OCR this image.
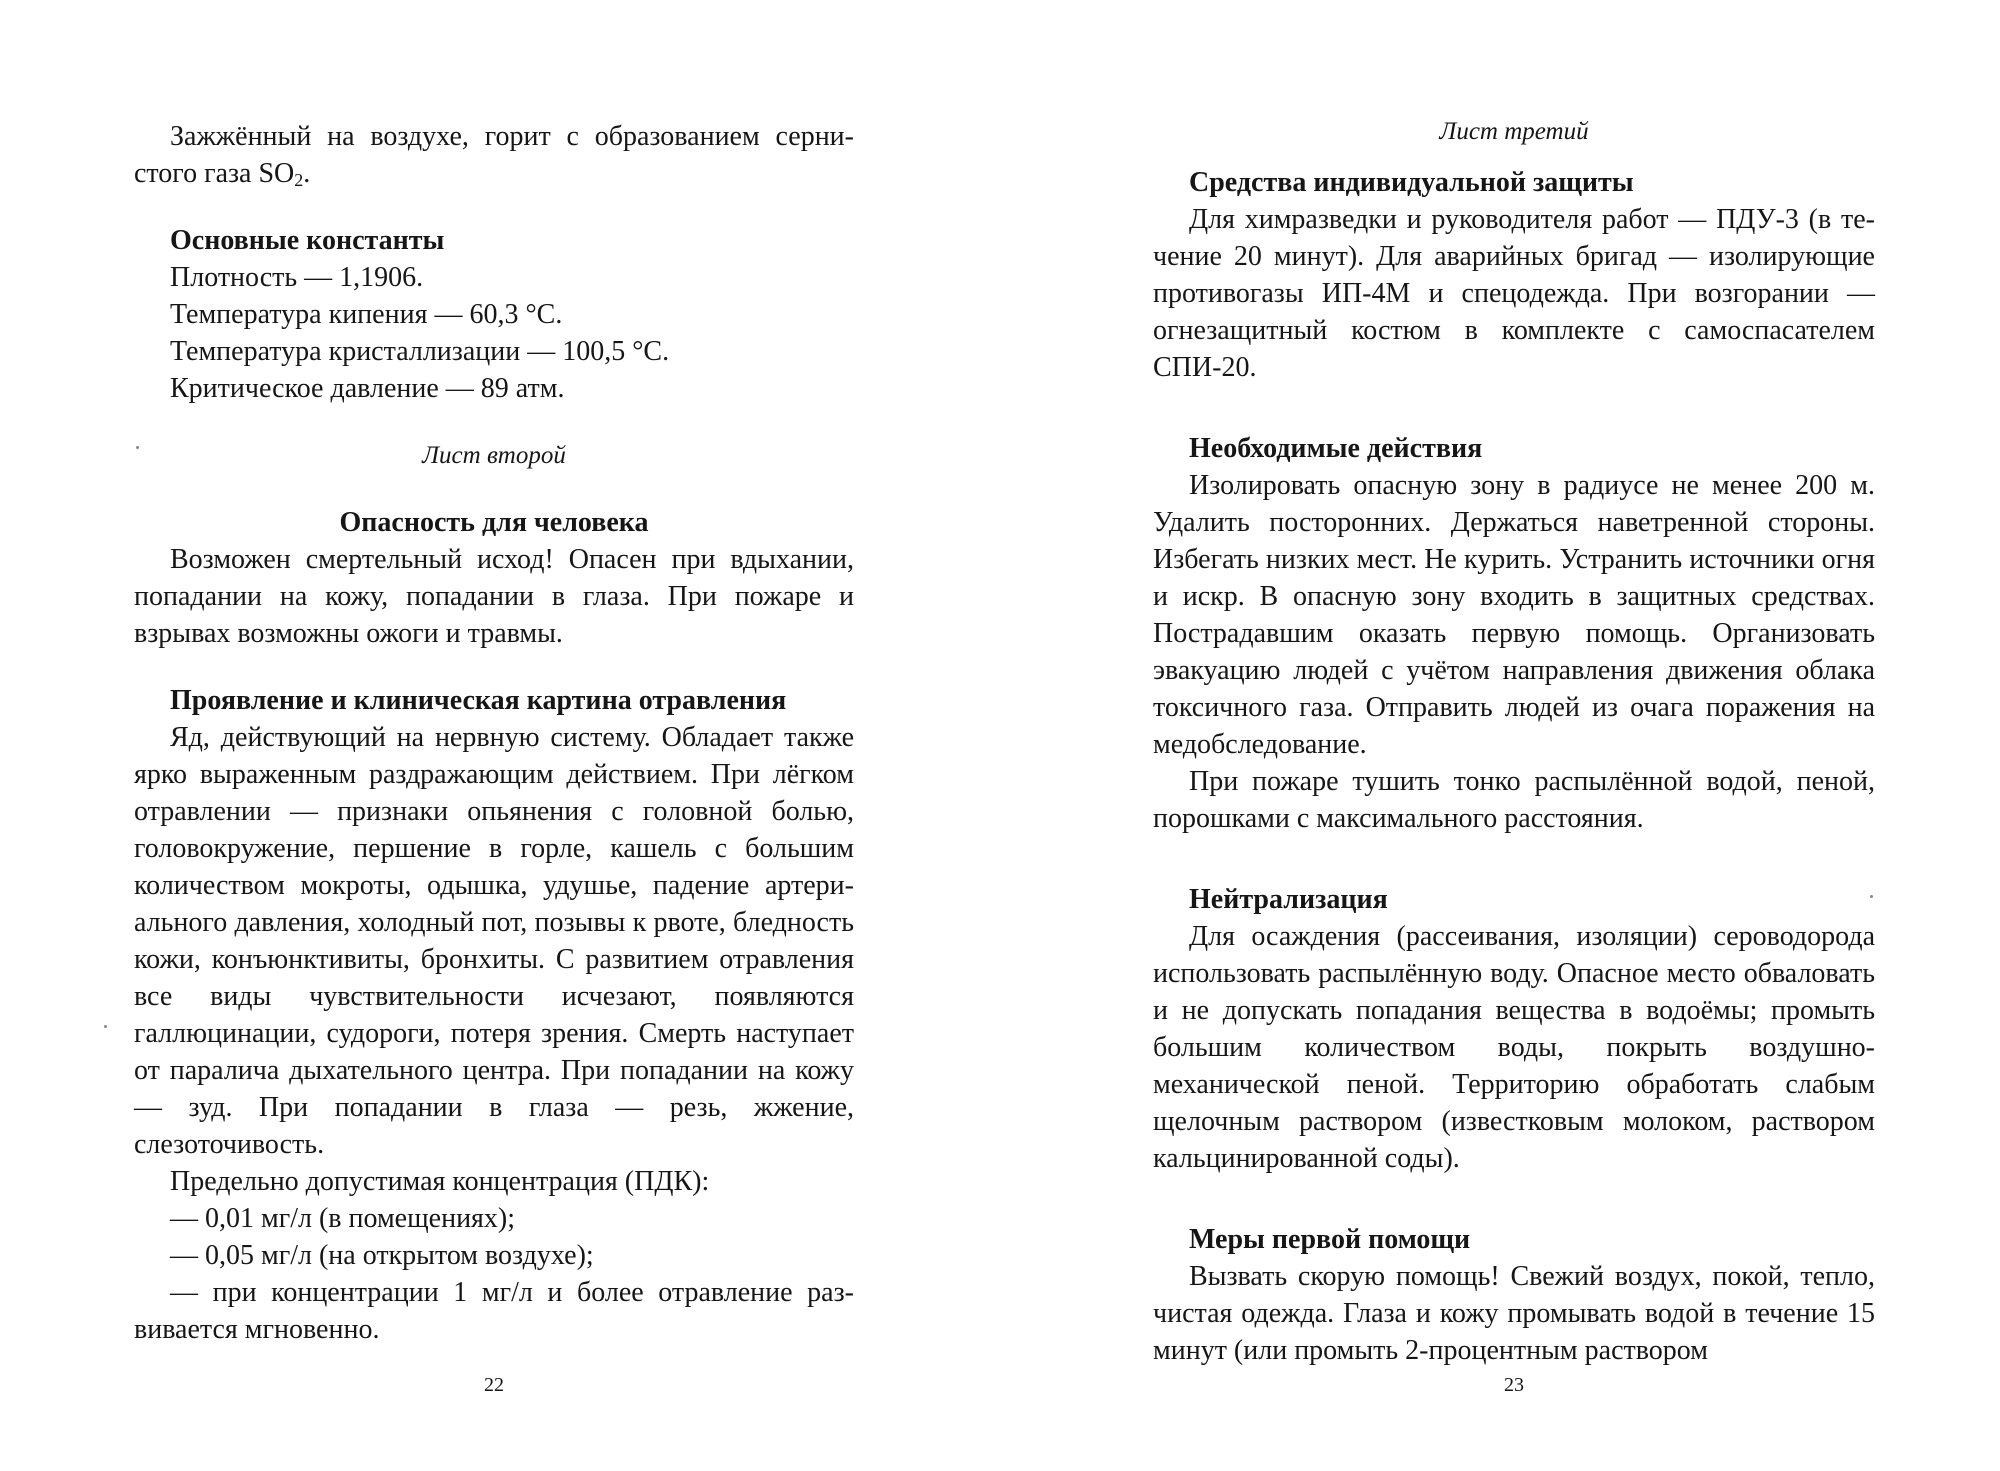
Зажжённый на воздухе, горит с образованием сернистого газа $SO_2$.

Основные константы

Плотность — 1,1906.

Температура кипения — 60,3 °С.

Температура кристаллизации — 100,5 °С.

Критическое давление — 89 атм.

Лист второй

Опасность для человека

Возможен смертельный исход! Опасен при вдыхании, попадании на кожу, попадании в глаза. При пожаре и взрывах возможны ожоги и травмы.

Проявление и клиническая картина отравления

Яд, действующий на нервную систему. Обладает также ярко выраженным раздражающим действием. При лёгком отравлении — признаки опьянения с головной болью, головокружение, першение в горле, кашель с большим количеством мокроты, одышка, удушье, падение артериального давления, холодный пот, позывы к рвоте, бледность кожи, конъюнктивиты, бронхиты. С развитием отравления все виды чувствительности исчезают, появляются галлюцинации, судороги, потеря зрения. Смерть наступает от паралича дыхательного центра. При попадании на кожу — зуд. При попадании в глаза — резь, жжение, слезоточивость.

Предельно допустимая концентрация (ПДК):

— 0,01 мг/л (в помещениях);

— 0,05 мг/л (на открытом воздухе);

— при концентрации 1 мг/л и более отравление развивается мгновенно.

22

Лист третий

Средства индивидуальной защиты

Для химразведки и руководителя работ — ПДУ-3 (в течение 20 минут). Для аварийных бригад — изолирующие противогазы ИП-4М и спецодежда. При возгорании — огнезащитный костюм в комплекте с самоспасателем СПИ-20.

Необходимые действия

Изолировать опасную зону в радиусе не менее 200 м. Удалить посторонних. Держаться наветренной стороны. Избегать низких мест. Не курить. Устранить источники огня и искр. В опасную зону входить в защитных средствах. Пострадавшим оказать первую помощь. Организовать эвакуацию людей с учётом направления движения облака токсичного газа. Отправить людей из очага поражения на медобследование.

При пожаре тушить тонко распылённой водой, пеной, порошками с максимального расстояния.

Нейтрализация

Для осаждения (рассеивания, изоляции) сероводорода использовать распылённую воду. Опасное место обваловать и не допускать попадания вещества в водоёмы; промыть большим количеством воды, покрыть воздушно-механической пеной. Территорию обработать слабым щелочным раствором (известковым молоком, раствором кальцинированной соды).

Меры первой помощи

Вызвать скорую помощь! Свежий воздух, покой, тепло, чистая одежда. Глаза и кожу промывать водой в течение 15 минут (или промыть 2-процентным раствором

23
